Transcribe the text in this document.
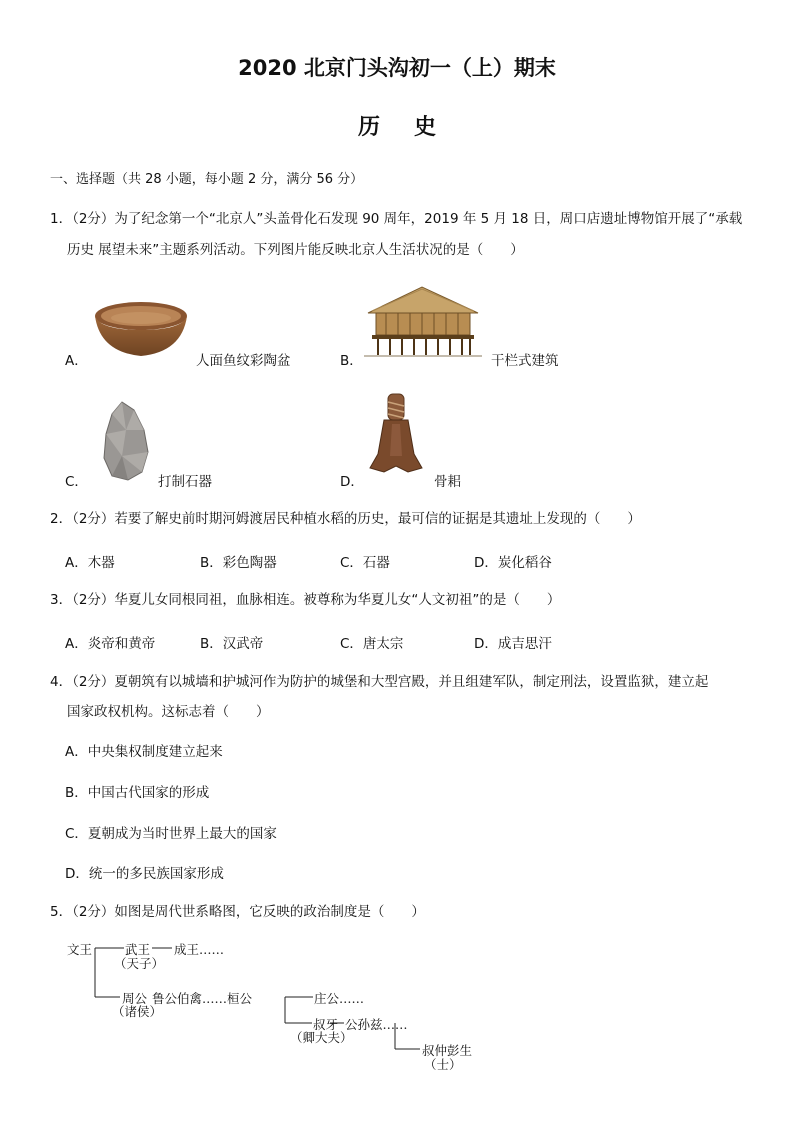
2020 北京门头沟初一（上）期末
历史
一、选择题（共 28 小题，每小题 2 分，满分 56 分）
1．（2分）为了纪念第一个“北京人”头盖骨化石发现 90 周年，2019 年 5 月 18 日，周口店遗址博物馆开展了“承载
历史 展望未来”主题系列活动。下列图片能反映北京人生活状况的是（　　）
A．	人面鱼纹彩陶盆	B．	干栏式建筑
C．	打制石器	D．	骨耜
2．（2分）若要了解史前时期河姆渡居民种植水稻的历史，最可信的证据是其遗址上发现的（　　）
A．木器	B．彩色陶器	C．石器	D．炭化稻谷
3．（2分）华夏儿女同根同祖，血脉相连。被尊称为华夏儿女“人文初祖”的是（　　）
A．炎帝和黄帝	B．汉武帝	C．唐太宗	D．成吉思汗
4．（2分）夏朝筑有以城墙和护城河作为防护的城堡和大型宫殿，并且组建军队，制定刑法，设置监狱，建立起
国家政权机构。这标志着（　　）
A．中央集权制度建立起来
B．中国古代国家的形成
C．夏朝成为当时世界上最大的国家
D．统一的多民族国家形成
5．（2分）如图是周代世系略图，它反映的政治制度是（　　）
文王	武王 成王……
（天子）
周公
（诸侯）
鲁公伯禽……桓公	庄公……
叔牙
（卿大夫）
公孙兹……
叔仲彭生
（士）
